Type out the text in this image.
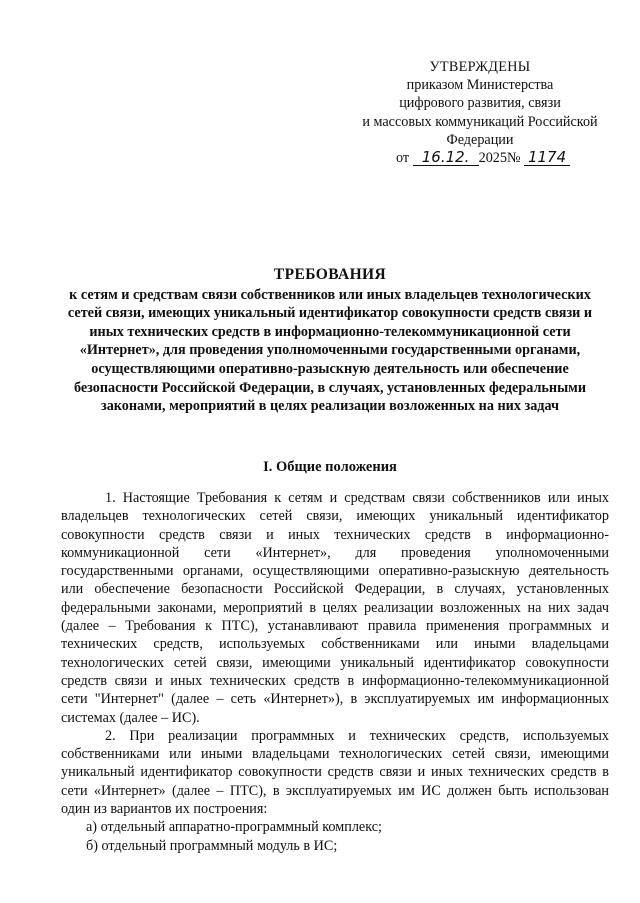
УТВЕРЖДЕНЫ
приказом Министерства
цифрового развития, связи
и массовых коммуникаций Российской
Федерации
от 16.12. 2025№ 1174
ТРЕБОВАНИЯ
к сетям и средствам связи собственников или иных владельцев технологических сетей связи, имеющих уникальный идентификатор совокупности средств связи и иных технических средств в информационно-телекоммуникационной сети «Интернет», для проведения уполномоченными государственными органами, осуществляющими оперативно-разыскную деятельность или обеспечение безопасности Российской Федерации, в случаях, установленных федеральными законами, мероприятий в целях реализации возложенных на них задач
I. Общие положения

1. Настоящие Требования к сетям и средствам связи собственников или иных владельцев технологических сетей связи, имеющих уникальный идентификатор совокупности средств связи и иных технических средств в информационно-коммуникационной сети «Интернет», для проведения уполномоченными государственными органами, осуществляющими оперативно-разыскную деятельность или обеспечение безопасности Российской Федерации, в случаях, установленных федеральными законами, мероприятий в целях реализации возложенных на них задач (далее – Требования к ПТС), устанавливают правила применения программных и технических средств, используемых собственниками или иными владельцами технологических сетей связи, имеющими уникальный идентификатор совокупности средств связи и иных технических средств в информационно-телекоммуникационной сети "Интернет" (далее – сеть «Интернет»), в эксплуатируемых им информационных системах (далее – ИС).

2. При реализации программных и технических средств, используемых собственниками или иными владельцами технологических сетей связи, имеющими уникальный идентификатор совокупности средств связи и иных технических средств в сети «Интернет» (далее – ПТС), в эксплуатируемых им ИС должен быть использован один из вариантов их построения:

а) отдельный аппаратно-программный комплекс;

б) отдельный программный модуль в ИС;
